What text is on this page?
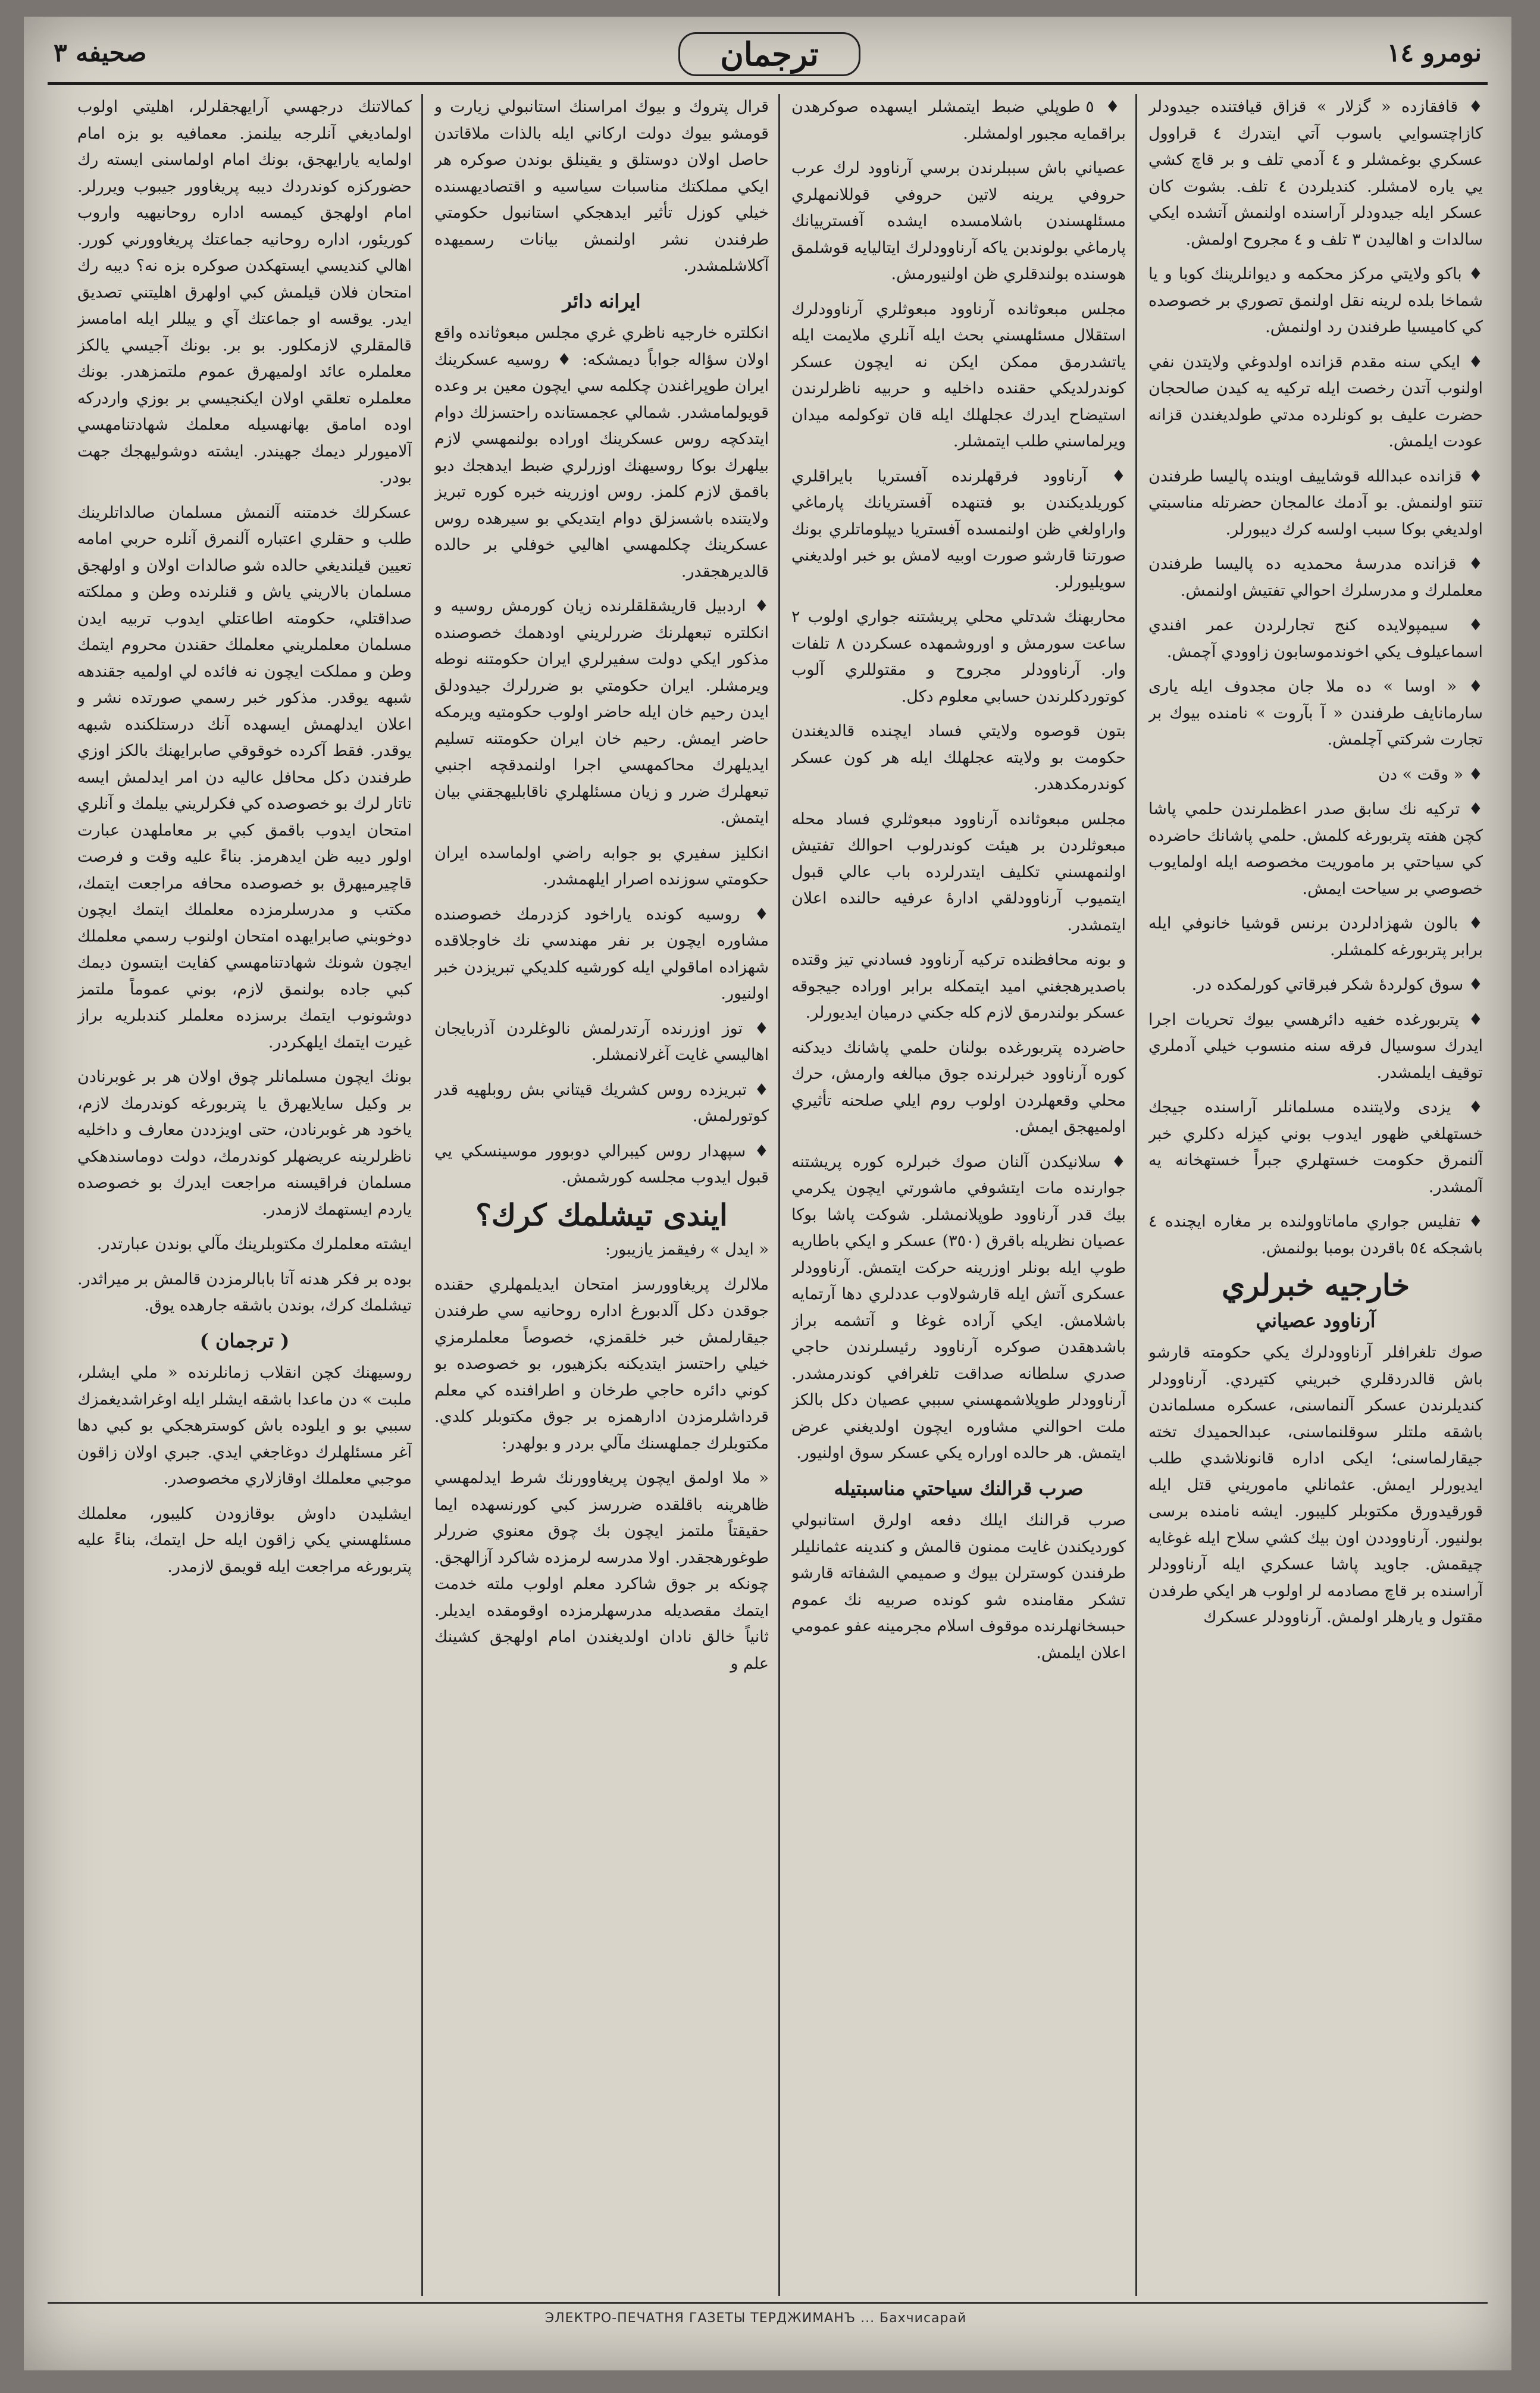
صحيفه ٣	ترجمان	نومرو ١٤

♦ قافقازده « گزلار » قزاق قيافتنده جيدودلر كازاچتسوايي باسوب آتي ايتدرك ٤ قراوول عسكري بوغمشلر و ٤ آدمي تلف و بر قاچ كشي يي ياره لامشلر. كنديلردن ٤ تلف. بشوت كان عسكر ايله جيدودلر آراسنده اولنمش آتشده ايكي سالدات و اهاليدن ٣ تلف و ٤ مجروح اولمش.

♦ باكو ولايتي مركز محكمه و ديوانلرينك كوبا و يا شماخا بلده لرينه نقل اولنمق تصوري بر خصوصده كي كاميسيا طرفندن رد اولنمش.

♦ ايكي سنه مقدم قزانده اولدوغي ولايتدن نفي اولنوب آتدن رخصت ايله تركيه يه كيدن صالحجان حضرت عليف بو كونلرده مدتي طولديغندن قزانه عودت ايلمش.

♦ قزانده عبدالله قوشاييف اوينده پاليسا طرفندن تنتو اولنمش. بو آدمك عالمجان حضرتله مناسبتي اولديغي بوكا سبب اولسه كرك ديبورلر.

♦ قزانده مدرسهٔ محمديه ده پاليسا طرفندن معلملرك و مدرسلرك احوالي تفتيش اولنمش.

♦ سيمپولايده كنج تجارلردن عمر افندي اسماعيلوف يكي اخوندموسابون زاوودي آچمش.

♦ « اوسا » ده ملا جان مجدوف ايله يارى سارمانايف طرفندن « آ بآروت » نامنده بيوك بر تجارت شركتي آچلمش.

♦ « وقت » دن

♦ تركيه نك سابق صدر اعظملرندن حلمي پاشا كچن هفته پتربورغه كلمش. حلمي پاشانك حاضرده كي سياحتي بر ماموريت مخصوصه ايله اولمايوب خصوصي بر سياحت ايمش.

♦ بالون شهزادلردن برنس قوشيا خانوفي ايله برابر پتربورغه كلمشلر.

♦ سوق كولردهٔ شكر فبرقاتي كورلمكده در.

♦ پتربورغده خفيه دائرهسي بيوك تحريات اجرا ايدرك سوسيال فرقه سنه منسوب خيلي آدملري توقيف ايلمشدر.

♦ يزدى ولايتنده مسلمانلر آراسنده جيجك خستهلغي ظهور ايدوب بوني كيزله دكلري خبر آلنمرق حكومت خستهلري جبراً خستهخانه يه آلمشدر.

♦ تفليس جواري ماماتاوولنده بر مغاره ايچنده ٤ باشجكه ٥٤ باقردن بومبا بولنمش.

خارجيه خبرلري
آرناوود عصياني

صوك تلغرافلر آرناوودلرك يكي حكومته قارشو باش قالدردقلري خبريني كتيردي. آرناوودلر كنديلرندن عسكر آلنماسنى، عسكره مسلماندن باشقه ملتلر سوقلنماسنى، عبدالحميدك تخته جيقارلماسنى؛ ايكى اداره قانونلاشدي طلب ايديورلر ايمش. عثمانلي ماموريني قتل ايله قورقيدورق مكتوبلر كليبور. ايشه نامنده برسى بولنيور. آرناووددن اون بيك كشي سلاح ايله غوغايه چيقمش. جاويد پاشا عسكري ايله آرناوودلر آراسنده بر قاچ مصادمه لر اولوب هر ايكي طرفدن مقتول و يارهلر اولمش. آرناوودلر عسكرك

♦ ٥ طوپلي ضبط ايتمشلر ايسهده صوكرهدن براقمايه مجبور اولمشلر.

عصياني باش سببلرندن برسي آرناوود لرك عرب حروفي يرينه لاتين حروفي قوللانمهلري مسئلهسندن باشلامسده ايشده آفسترييانك پارماغي بولوندبن ياكه آرناوودلرك ايتاليايه قوشلمق هوسنده بولندقلري ظن اولنيورمش.

مجلس مبعوثانده آرناوود مبعوثلري آرناوودلرك استقلال مسئلهسني بحث ايله آنلري ملايمت ايله ياتشدرمق ممكن ايكن نه ايچون عسكر كوندرلديكي حقنده داخليه و حربيه ناظرلرندن استيضاح ايدرك عجلهلك ايله قان توكولمه ميدان ويرلماسني طلب ايتمشلر.

♦ آرناوود فرقهلرنده آفستريا بايراقلري كوريلديكندن بو فتنهده آفستريانك پارماغي واراولغي ظن اولنمسده آفستريا ديپلوماتلري بونك صورتنا قارشو صورت اوبيه لامش بو خبر اولديغني سويليورلر.

محاربهنك شدتلي محلي پريشتنه جواري اولوب ٢ ساعت سورمش و اوروشمهده عسكردن ٨ تلفات وار. آرناوودلر مجروح و مقتوللري آلوب كوتوردكلرندن حسابي معلوم دكل.

بتون قوصوه ولايتي فساد ايچنده قالدیغندن حكومت بو ولايته عجلهلك ايله هر كون عسكر كوندرمكدهدر.

مجلس مبعوثانده آرناوود مبعوثلري فساد محله مبعوثلردن بر هيئت كوندرلوب احوالك تفتيش اولنمهسني تكليف ايتدرلرده باب عالي قبول ايتميوب آرناوودلقي ادارهٔ عرفيه حالنده اعلان ايتمشدر.

و بونه محافظنده تركيه آرناوود فسادني تيز وقتده باصديرهجغني اميد ايتمكله برابر اوراده جيجوقه عسكر بولندرمق لازم كله جكني درميان ايديورلر.

حاضرده پتربورغده بولنان حلمي پاشانك ديدكنه كوره آرناوود خبرلرنده جوق مبالغه وارمش، حرك محلي وقعهلردن اولوب روم ايلي صلحنه تأثيري اولميهجق ايمش.

♦ سلانيكدن آلنان صوك خبرلره كوره پريشتنه جوارنده مات ايتشوفي ماشورتي ايچون يكرمي بيك قدر آرناوود طوپلانمشلر. شوكت پاشا بوكا عصيان نظريله باقرق (٣٥٠) عسكر و ايكي باطاريه طوپ ايله بونلر اوزرينه حركت ايتمش. آرناوودلر عسكرى آتش ايله قارشولاوب عددلري دها آرتمايه باشلامش. ايكي آراده غوغا و آتشمه براز باشدهقدن صوكره آرناوود رئيسلرندن حاجي صدري سلطانه صداقت تلغرافي كوندرمشدر. آرناوودلر طوپلاشمهسني سببي عصيان دكل بالكز ملت احوالني مشاوره ايچون اولديغني عرض ايتمش. هر حالده اوراره يكي عسكر سوق اولنيور.

صرب قرالنك سياحتي مناسبتيله

صرب قرالنك ايلك دفعه اولرق استانبولي كوردیكندن غايت ممنون قالمش و كندينه عثمانليلر طرفندن كوسترلن بيوك و صميمي الشفاته قارشو تشكر مقامنده شو كونده صربيه نك عموم حبسخانهلرنده موقوف اسلام مجرمينه عفو عمومي اعلان ايلمش.

قرال پتروك و بيوك امراسنك استانبولي زيارت و قومشو بيوك دولت اركاني ايله بالذات ملاقاتدن حاصل اولان دوستلق و يقينلق بوندن صوكره هر ايكي مملكتك مناسبات سياسيه و اقتصاديهسنده خيلي كوزل تأثير ايدهجكي استانبول حكومتي طرفندن نشر اولنمش بيانات رسميهده آكلاشلمشدر.

ايرانه دائر

انكلتره خارجيه ناظري غري مجلس مبعوثانده واقع اولان سؤاله جواباً ديمشكه: ♦ روسيه عسكرينك ايران طوپراغندن چكلمه سي ايچون معين بر وعده قويولمامشدر. شمالي عجمستانده راحتسزلك دوام ايتدكچه روس عسكرينك اوراده بولنمهسي لازم بيلهرك بوكا روسيهنك اوزرلري ضبط ايدهجك دبو باقمق لازم كلمز. روس اوزرينه خبره كوره تبريز ولايتنده باشسزلق دوام ايتديكي بو سيرهده روس عسكرينك چكلمهسي اهاليي خوفلي بر حالده قالديرهجقدر.

♦ اردبيل قاريشقلقلرنده زيان كورمش روسيه و انكلتره تبعهلرنك ضررلريني اودهمك خصوصنده مذكور ايكي دولت سفيرلري ايران حكومتنه نوطه ويرمشلر. ايران حكومتي بو ضررلرك جيدودلق ايدن رحيم خان ايله حاضر اولوب حكومتيه ويرمكه حاضر ايمش. رحيم خان ايران حكومتنه تسليم ايديلهرك محاكمهسي اجرا اولنمدقچه اجنبي تبعهلرك ضرر و زيان مسئلهلري ناقابليهجقني بيان ايتمش.

انكليز سفيري بو جوابه راضي اولماسده ايران حكومتي سوزنده اصرار ايلهمشدر.

♦ روسيه كونده ياراخود كزدرمك خصوصنده مشاوره ايچون بر نفر مهندسي نك خاوجلاقده شهزاده اماقولي ايله كورشيه كلديكي تبريزدن خبر اولنيور.

♦ توز اوزرنده آرتدرلمش نالوغلردن آذربايجان اهاليسي غايت آغرلانمشلر.

♦ تبريزده روس كشريك قيتاني بش روبلهيه قدر كوتورلمش.

♦ سپهدار روس كيبرالي دوبوور موسينسكي يي قبول ايدوب مجلسه كورشمش.

ايندى تيشلمك كرك؟

« ايدل » رفيقمز يازيبور:

ملالرك پريغاوورسز امتحان ايديلمهلري حقنده جوقدن دكل آلدبورغ اداره روحانيه سي طرفندن جيقارلمش خبر خلقمزي، خصوصاً معلملرمزي خيلي راحتسز ايتديكنه بكزهيور، بو خصوصده بو كوني دائره حاجي طرخان و اطرافنده كي معلم قرداشلرمزدن ادارهمزه بر جوق مكتوبلر كلدي. مكتوبلرك جملهسنك مآلي بردر و بولهدر:

« ملا اولمق ايچون پريغاوورنك شرط ايدلمهسي ظاهرينه باقلقده ضررسز كبي كورنسهده ايما حقيقتاً ملتمز ايچون بك چوق معنوي ضررلر طوغورهجقدر. اولا مدرسه لرمزده شاكرد آزالهجق. چونكه بر جوق شاكرد معلم اولوب ملته خدمت ايتمك مقصديله مدرسهلرمزده اوقومقده ايديلر. ثانياً خالق نادان اولديغندن امام اولهجق كشينك علم و

كمالاتنك درجهسي آرايهجقلرلر، اهليتي اولوب اولماديغي آنلرجه بيلنمز. معمافيه بو بزه امام اولمايه يارايهجق، بونك امام اولماسنى ايسته رك حضوركزه كوندردك ديبه پريغاوور جيبوب ويررلر. امام اولهجق كيمسه اداره روحانيهيه واروب كوريئور، اداره روحانيه جماعتك پريغاوورني كورر. اهالي كنديسي ايستهكدن صوكره بزه نه؟ ديبه رك امتحان فلان قيلمش كبي اولهرق اهليتني تصديق ايدر. يوقسه او جماعتك آي و ييللر ايله امامسز قالمقلري لازمكلور. بو بر. بونك آجيسي يالكز معلملره عائد اولميهرق عموم ملتمزهدر. بونك معلملره تعلقي اولان ايكنجيسي بر بوزي واردرکه اوده امامق بهانهسيله معلمك شهادتنامهسي آلاميورلر ديمك جهيندر. ايشته دوشوليهجك جهت بودر.

عسكرلك خدمتنه آلنمش مسلمان صالداتلرينك طلب و حقلري اعتباره آلنمرق آنلره حربي امامه تعيين قيلنديغي حالده شو صالدات اولان و اولهجق مسلمان بالاريني ياش و قنلرنده وطن و مملكته صداقتلي، حكومته اطاعتلي ايدوب تربيه ايدن مسلمان معلملريني معلملك حقندن محروم ايتمك وطن و مملكت ايچون نه فائده لي اولميه جقندهه شبهه يوقدر. مذكور خبر رسمي صورتده نشر و اعلان ايدلهمش ايسهده آنك درستلكنده شبهه يوقدر. فقط آكرده خوقوقي صابرايهنك بالكز اوزي طرفندن دكل محافل عاليه دن امر ايدلمش ايسه تاتار لرك بو خصوصده كي فكرلريني بيلمك و آنلري امتحان ايدوب باقمق كبي بر معاملهدن عبارت اولور ديبه ظن ايدهرمز. بناءً عليه وقت و فرصت قاچيرميهرق بو خصوصده محافه مراجعت ايتمك، مكتب و مدرسلرمزده معلملك ايتمك ايچون دوخوبني صابرايهده امتحان اولنوب رسمي معلملك ايچون شونك شهادتنامهسي كفايت ايتسون ديمك كبي جاده بولنمق لازم، بوني عموماً ملتمز دوشونوب ايتمك برسزده معلملر كندبلريه براز غيرت ايتمك ايلهكردر.

بونك ايچون مسلمانلر چوق اولان هر بر غوبرنادن بر وكيل سايلايهرق يا پتربورغه كوندرمك لازم، ياخود هر غوبرنادن، حتى اويزددن معارف و داخليه ناظرلرينه عريضهلر كوندرمك، دولت دوماسندهكي مسلمان فراقيسنه مراجعت ايدرك بو خصوصده ياردم ايستهمك لازمدر.

ايشته معلملرك مكتوبلرينك مآلي بوندن عبارتدر.

بوده بر فكر هدنه آتا بابالرمزدن قالمش بر ميراثدر. تيشلمك كرك، بوندن باشقه جارهده يوق.

( ترجمان )

روسيهنك كچن انقلاب زمانلرنده « ملي ايشلر، ملبت » دن ماعدا باشقه ايشلر ايله اوغراشديغمزك سببي بو و ايلوده باش كوسترهجكي بو كبي دها آغر مسئلهلرك دوغاجغي ايدي. جبري اولان زاقون موجبي معلملك اوقازلاري مخصوصدر.

ايشليدن داوش بوقازودن كليبور، معلملك مسئلهسني يكي زاقون ايله حل ايتمك، بناءً عليه پتربورغه مراجعت ايله قويمق لازمدر.

ЭЛЕКТРО-ПЕЧАТНЯ ГАЗЕТЫ ТЕРДЖИМАНЪ ... Бахчисарай
